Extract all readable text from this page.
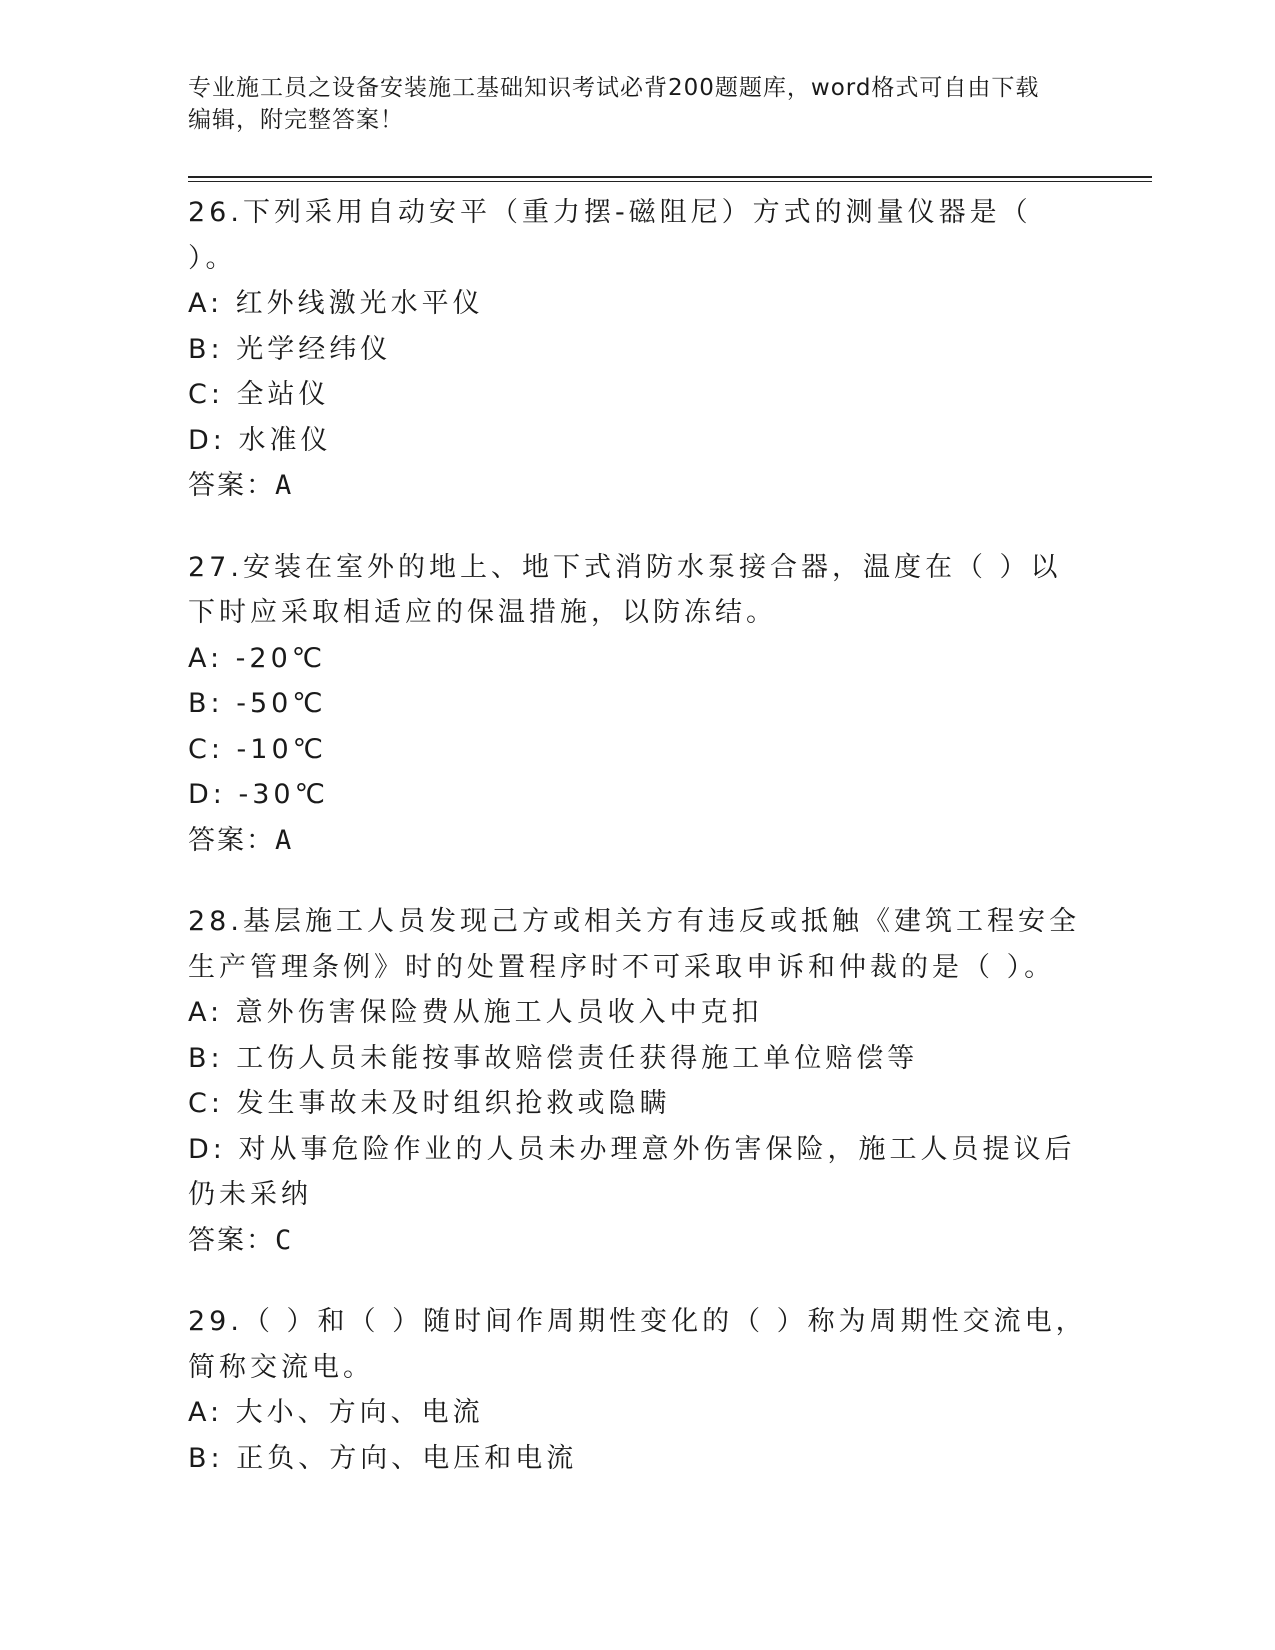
专业施工员之设备安装施工基础知识考试必背200题题库，word格式可自由下载
编辑，附完整答案！

26.下列采用自动安平（重力摆-磁阻尼）方式的测量仪器是（ ）。

A: 红外线激光水平仪

B: 光学经纬仪

C: 全站仪

D: 水准仪

答案：A

27.安装在室外的地上、地下式消防水泵接合器，温度在（ ）以下时应采取相适应的保温措施，以防冻结。

A: -20℃

B: -50℃

C: -10℃

D: -30℃

答案：A

28.基层施工人员发现己方或相关方有违反或抵触《建筑工程安全生产管理条例》时的处置程序时不可采取申诉和仲裁的是（ ）。

A: 意外伤害保险费从施工人员收入中克扣

B: 工伤人员未能按事故赔偿责任获得施工单位赔偿等

C: 发生事故未及时组织抢救或隐瞒

D: 对从事危险作业的人员未办理意外伤害保险，施工人员提议后仍未采纳

答案：C

29.（ ）和（ ）随时间作周期性变化的（ ）称为周期性交流电，简称交流电。

A: 大小、方向、电流

B: 正负、方向、电压和电流
